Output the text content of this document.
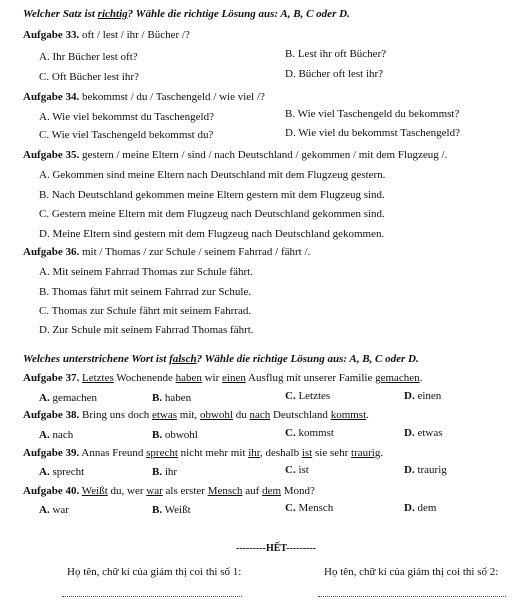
Welcher Satz ist richtig? Wähle die richtige Lösung aus: A, B, C oder D.
Aufgabe 33. oft / lest / ihr / Bücher /?
A. Ihr Bücher lest oft?	B. Lest ihr oft Bücher?
C. Oft Bücher lest ihr?	D. Bücher oft lest ihr?
Aufgabe 34. bekommst / du / Taschengeld / wie viel /?
A. Wie viel bekommst du Taschengeld?	B. Wie viel Taschengeld du bekommst?
C. Wie viel Taschengeld bekommst du?	D. Wie viel du bekommst Taschengeld?
Aufgabe 35. gestern / meine Eltern / sind / nach Deutschland / gekommen / mit dem Flugzeug /.
A. Gekommen sind meine Eltern nach Deutschland mit dem Flugzeug gestern.
B. Nach Deutschland gekommen meine Eltern gestern mit dem Flugzeug sind.
C. Gestern meine Eltern mit dem Flugzeug nach Deutschland gekommen sind.
D. Meine Eltern sind gestern mit dem Flugzeug nach Deutschland gekommen.
Aufgabe 36. mit / Thomas / zur Schule / seinem Fahrrad / fährt /.
A. Mit seinem Fahrrad Thomas zur Schule fährt.
B. Thomas fährt mit seinem Fahrrad zur Schule.
C. Thomas zur Schule fährt mit seinem Fahrrad.
D. Zur Schule mit seinem Fahrrad Thomas fährt.
Welches unterstrichene Wort ist falsch? Wähle die richtige Lösung aus: A, B, C oder D.
Aufgabe 37. Letztes Wochenende haben wir einen Ausflug mit unserer Familie gemachen.
A. gemachen	B. haben	C. Letztes	D. einen
Aufgabe 38. Bring uns doch etwas mit, obwohl du nach Deutschland kommst.
A. nach	B. obwohl	C. kommst	D. etwas
Aufgabe 39. Annas Freund sprecht nicht mehr mit ihr, deshalb ist sie sehr traurig.
A. sprecht	B. ihr	C. ist	D. traurig
Aufgabe 40. Weißt du, wer war als erster Mensch auf dem Mond?
A. war	B. Weißt	C. Mensch	D. dem
---------HẾT---------
Họ tên, chữ kí của giám thị coi thi số 1:	Họ tên, chữ kí của giám thị coi thi số 2:
